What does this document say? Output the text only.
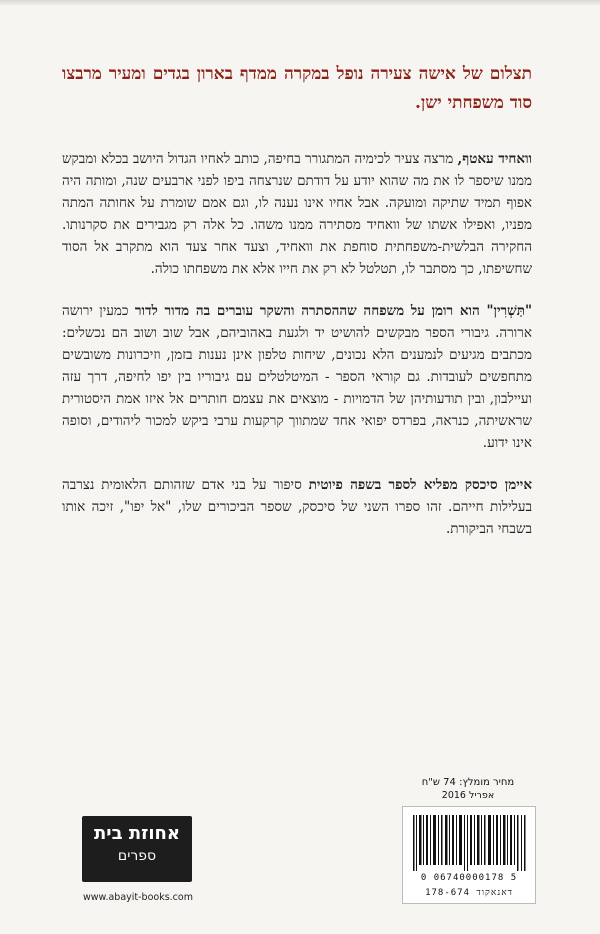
תצלום של אישה צעירה נופל במקרה ממדף בארון בגדים ומעיר מרבצו סוד משפחתי ישן.

וואחיד עאטף, מרצה צעיר לכימיה המתגורר בחיפה, כותב לאחיו הגדול היושב בכלא ומבקש ממנו שיספר לו את מה שהוא יודע על דודתם שנרצחה ביפו לפני ארבעים שנה, ומותה היה אפוף תמיד שתיקה ומועקה. אבל אחיו אינו נענה לו, וגם אמם שומרת על אחותה המתה מפניו, ואפילו אשתו של וואחיד מסתירה ממנו משהו. כל אלה רק מגבירים את סקרנותו. החקירה הבלשית-משפחתית סוחפת את וואחיד, וצעד אחר צעד הוא מתקרב אל הסוד שחשיפתו, כך מסתבר לו, תטלטל לא רק את חייו אלא את משפחתו כולה.

"תַּשְׁרִין" הוא רומן על משפחה שההסתרה והשקר עוברים בה מדור לדור כמעין ירושה ארורה. גיבורי הספר מבקשים להושיט יד ולגעת באהוביהם, אבל שוב ושוב הם נכשלים: מכתבים מגיעים לנמענים הלא נכונים, שיחות טלפון אינן נענות בזמן, וזיכרונות משובשים מתחפשים לעובדות. גם קוראי הספר - המיטלטלים עם גיבוריו בין יפו לחיפה, דרך עזה ועיילבון, ובין תודעותיהן של הדמויות - מוצאים את עצמם חותרים אל איזו אמת היסטורית שראשיתה, כנראה, בפרדס יפואי אחד שמתווך קרקעות ערבי ביקש למכור ליהודים, וסופה אינו ידוע.

איימן סיכסק מפליא לספר בשפה פיוטית סיפור על בני אדם שזהותם הלאומית נצרבה בעלילות חייהם. זהו ספרו השני של סיכסק, שספר הביכורים שלו, "אל יפו", זיכה אותו בשבחי הביקורת.

מחיר מומלץ: 74 ש"ח
אפריל 2016
0 06740000178 5
דאנאקוד 178-674
אחוזת בית
ספרים
www.abayit-books.com
